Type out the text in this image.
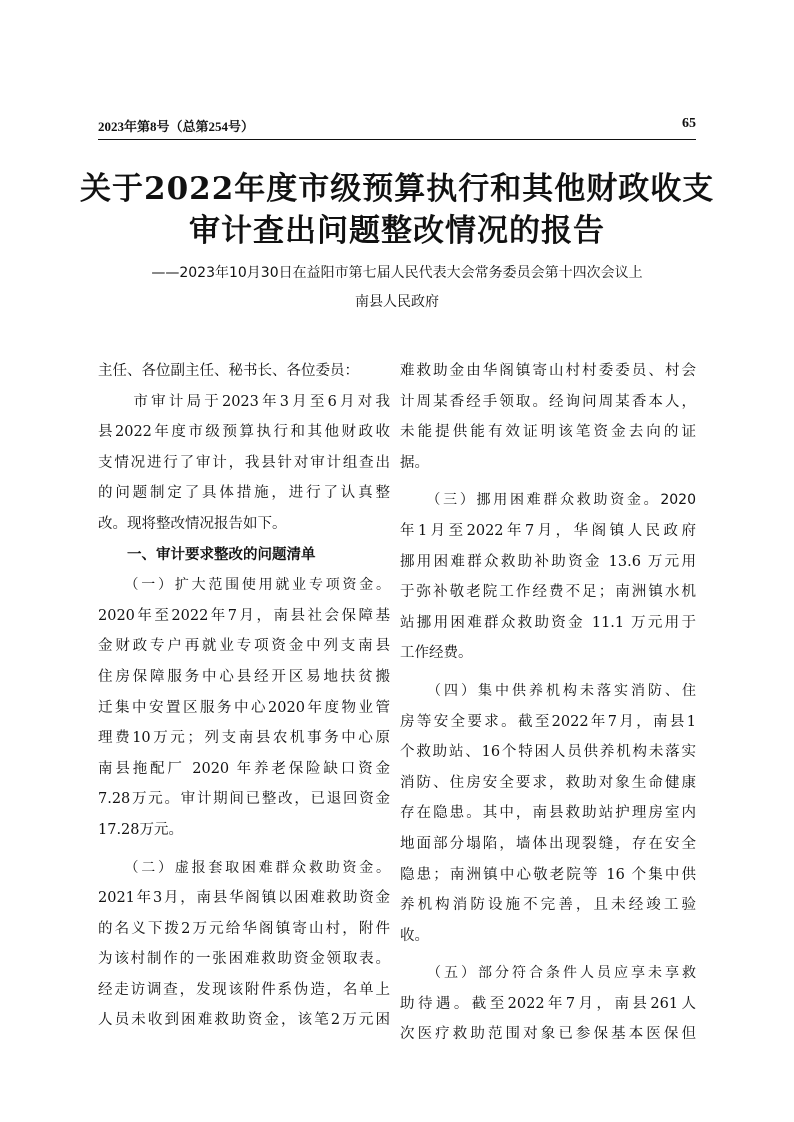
2023年第8号（总第254号）	65
关于2022年度市级预算执行和其他财政收支
审计查出问题整改情况的报告
——2023年10月30日在益阳市第七届人民代表大会常务委员会第十四次会议上
南县人民政府
主任、各位副主任、秘书长、各位委员：
　　市审计局于2023年3月至6月对我
县2022年度市级预算执行和其他财政收
支情况进行了审计，我县针对审计组查出
的问题制定了具体措施，进行了认真整
改。现将整改情况报告如下。
　　一、审计要求整改的问题清单
　　（一）扩大范围使用就业专项资金。
2020年至2022年7月，南县社会保障基
金财政专户再就业专项资金中列支南县
住房保障服务中心县经开区易地扶贫搬
迁集中安置区服务中心2020年度物业管
理费10万元；列支南县农机事务中心原
南县拖配厂 2020 年养老保险缺口资金
7.28万元。审计期间已整改，已退回资金
17.28万元。
　　（二）虚报套取困难群众救助资金。
2021年3月，南县华阁镇以困难救助资金
的名义下拨2万元给华阁镇寄山村，附件
为该村制作的一张困难救助资金领取表。
经走访调查，发现该附件系伪造，名单上
人员未收到困难救助资金，该笔2万元困
难救助金由华阁镇寄山村村委委员、村会
计周某香经手领取。经询问周某香本人，
未能提供能有效证明该笔资金去向的证
据。
　　（三）挪用困难群众救助资金。2020
年1月至2022年7月，华阁镇人民政府
挪用困难群众救助补助资金 13.6 万元用
于弥补敬老院工作经费不足；南洲镇水机
站挪用困难群众救助资金 11.1 万元用于
工作经费。
　　（四）集中供养机构未落实消防、住
房等安全要求。截至2022年7月，南县1
个救助站、16个特困人员供养机构未落实
消防、住房安全要求，救助对象生命健康
存在隐患。其中，南县救助站护理房室内
地面部分塌陷，墙体出现裂缝，存在安全
隐患；南洲镇中心敬老院等 16 个集中供
养机构消防设施不完善，且未经竣工验
收。
　　（五）部分符合条件人员应享未享救
助待遇。截至2022年7月，南县261人
次医疗救助范围对象已参保基本医保但
